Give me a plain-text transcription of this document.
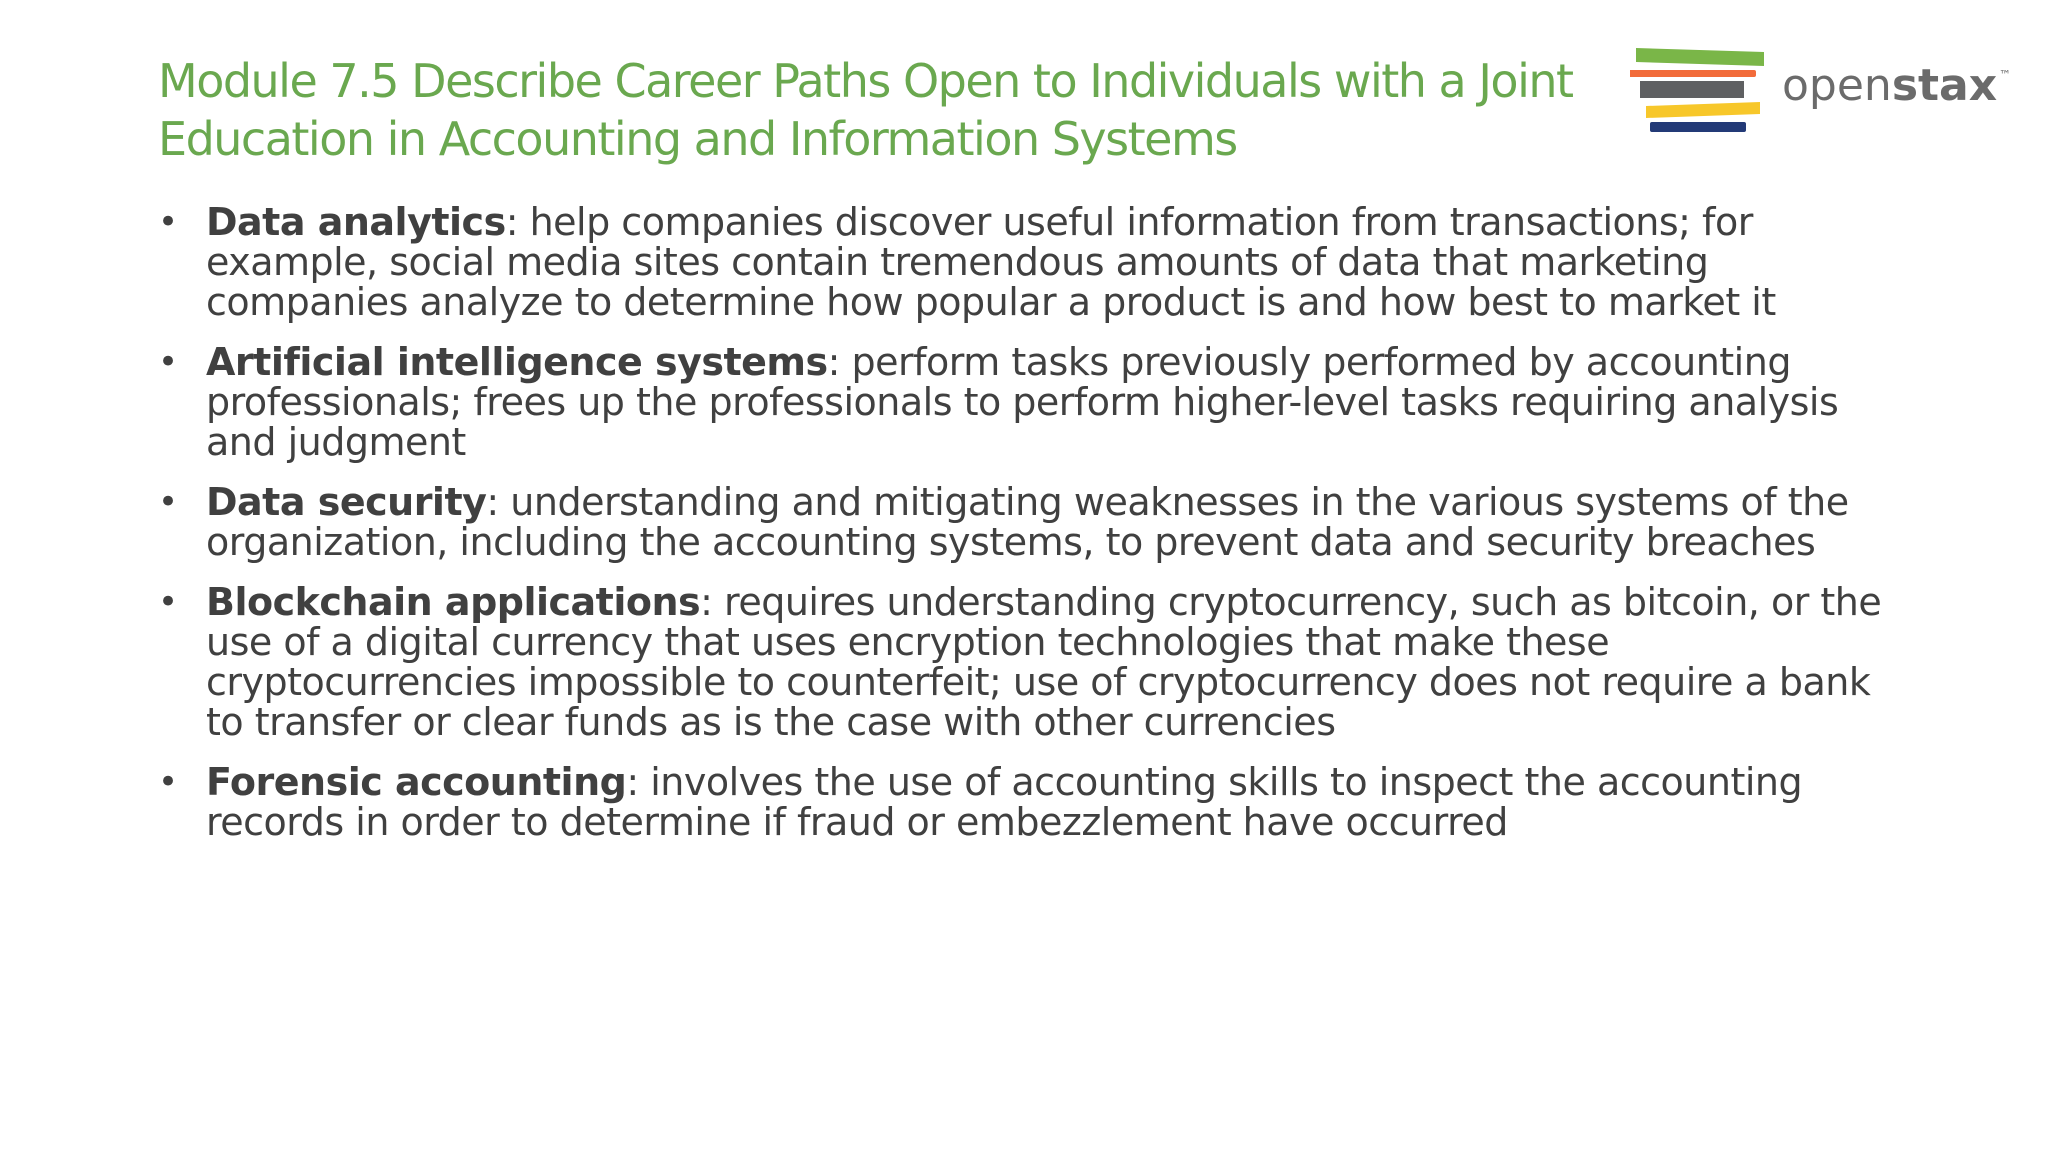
Module 7.5 Describe Career Paths Open to Individuals with a Joint Education in Accounting and Information Systems
openstax ™
• Data analytics: help companies discover useful information from transactions; for example, social media sites contain tremendous amounts of data that marketing companies analyze to determine how popular a product is and how best to market it
• Artificial intelligence systems: perform tasks previously performed by accounting professionals; frees up the professionals to perform higher-level tasks requiring analysis and judgment
• Data security: understanding and mitigating weaknesses in the various systems of the organization, including the accounting systems, to prevent data and security breaches
• Blockchain applications: requires understanding cryptocurrency, such as bitcoin, or the use of a digital currency that uses encryption technologies that make these cryptocurrencies impossible to counterfeit; use of cryptocurrency does not require a bank to transfer or clear funds as is the case with other currencies
• Forensic accounting: involves the use of accounting skills to inspect the accounting records in order to determine if fraud or embezzlement have occurred
